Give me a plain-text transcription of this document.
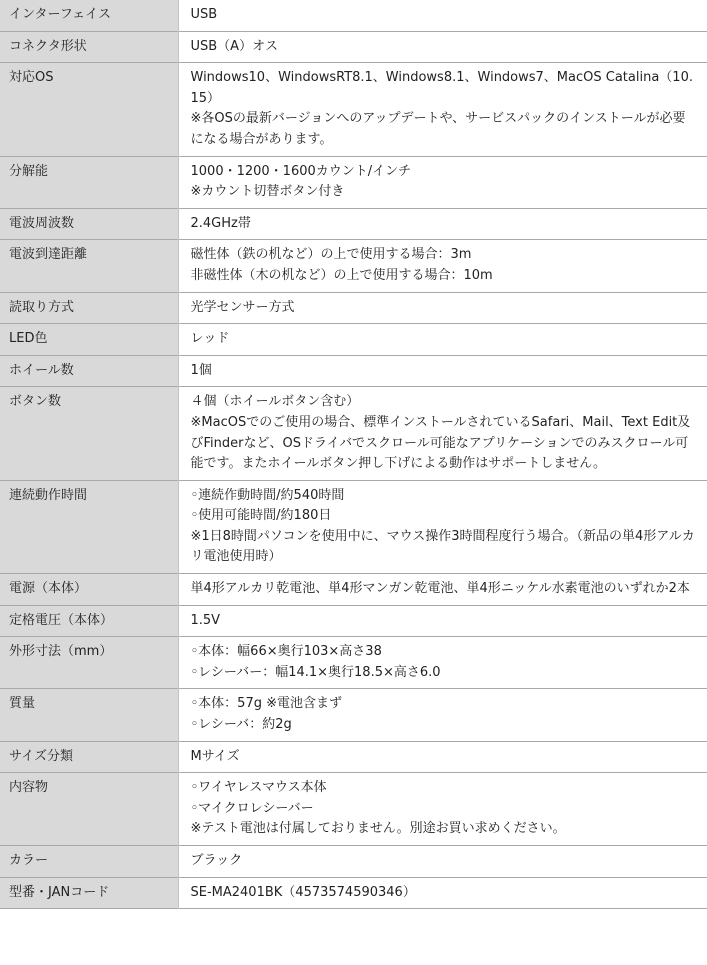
インターフェイス	USB

コネクタ形状	USB（A）オス

対応OS	Windows10、WindowsRT8.1、Windows8.1、Windows7、MacOS Catalina（10.15）
※各OSの最新バージョンへのアップデートや、サービスパックのインストールが必要になる場合があります。

分解能	1000・1200・1600カウント/インチ
※カウント切替ボタン付き

電波周波数	2.4GHz帯

電波到達距離	磁性体（鉄の机など）の上で使用する場合：3m
非磁性体（木の机など）の上で使用する場合：10m

読取り方式	光学センサー方式

LED色	レッド

ホイール数	1個

ボタン数	４個（ホイールボタン含む）
※MacOSでのご使用の場合、標準インストールされているSafari、Mail、Text Edit及びFinderなど、OSドライバでスクロール可能なアプリケーションでのみスクロール可能です。またホイールボタン押し下げによる動作はサポートしません。

連続動作時間	◦連続作動時間/約540時間
◦使用可能時間/約180日
※1日8時間パソコンを使用中に、マウス操作3時間程度行う場合。（新品の単4形アルカリ電池使用時）

電源（本体）	単4形アルカリ乾電池、単4形マンガン乾電池、単4形ニッケル水素電池のいずれか2本

定格電圧（本体）	1.5V

外形寸法（mm）	◦本体：幅66×奥行103×高さ38
◦レシーバー：幅14.1×奥行18.5×高さ6.0

質量	◦本体：57g ※電池含まず
◦レシーバ：約2g

サイズ分類	Mサイズ

内容物	◦ワイヤレスマウス本体
◦マイクロレシーバー
※テスト電池は付属しておりません。別途お買い求めください。

カラー	ブラック

型番・JANコード	SE-MA2401BK（4573574590346）
